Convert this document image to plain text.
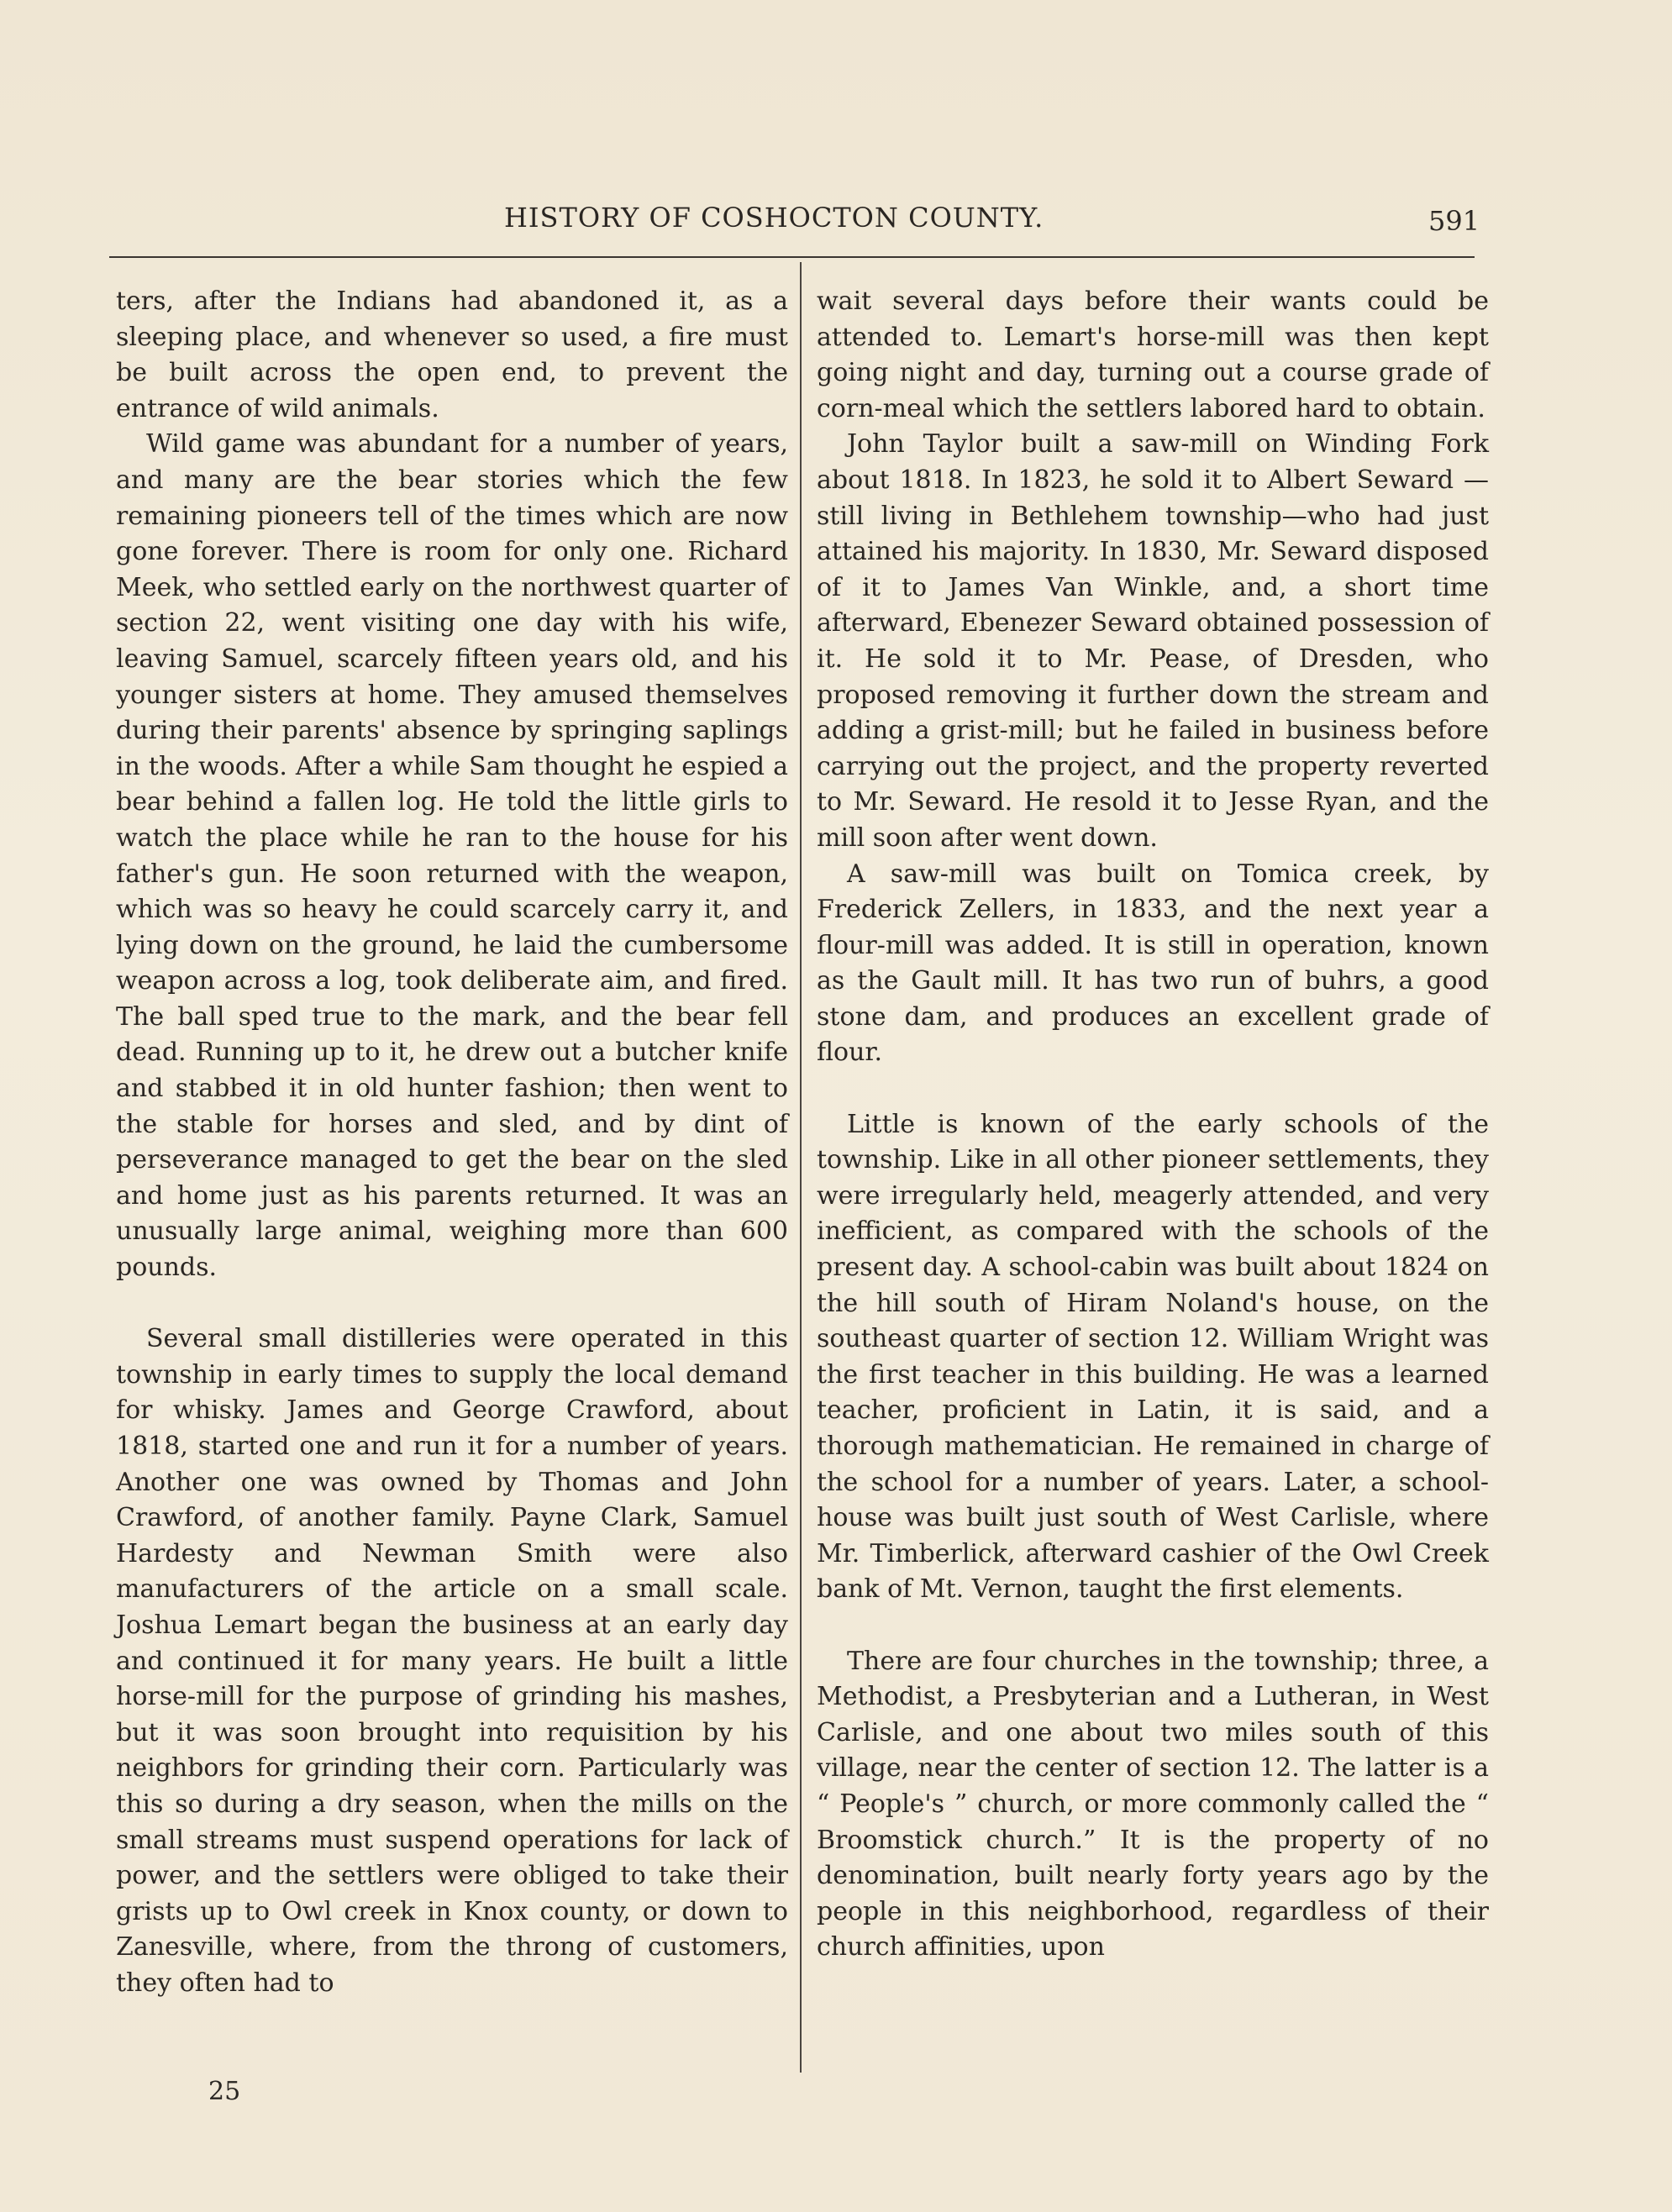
HISTORY OF COSHOCTON COUNTY.	591

ters, after the Indians had abandoned it, as a sleeping place, and whenever so used, a fire must be built across the open end, to prevent the entrance of wild animals.

Wild game was abundant for a number of years, and many are the bear stories which the few remaining pioneers tell of the times which are now gone forever. There is room for only one. Richard Meek, who settled early on the northwest quarter of section 22, went visiting one day with his wife, leaving Samuel, scarcely fifteen years old, and his younger sisters at home. They amused themselves during their parents' absence by springing saplings in the woods. After a while Sam thought he espied a bear behind a fallen log. He told the little girls to watch the place while he ran to the house for his father's gun. He soon returned with the weapon, which was so heavy he could scarcely carry it, and lying down on the ground, he laid the cumbersome weapon across a log, took deliberate aim, and fired. The ball sped true to the mark, and the bear fell dead. Running up to it, he drew out a butcher knife and stabbed it in old hunter fashion; then went to the stable for horses and sled, and by dint of perseverance managed to get the bear on the sled and home just as his parents returned. It was an unusually large animal, weighing more than 600 pounds.

Several small distilleries were operated in this township in early times to supply the local demand for whisky. James and George Crawford, about 1818, started one and run it for a number of years. Another one was owned by Thomas and John Crawford, of another family. Payne Clark, Samuel Hardesty and Newman Smith were also manufacturers of the article on a small scale. Joshua Lemart began the business at an early day and continued it for many years. He built a little horse-mill for the purpose of grinding his mashes, but it was soon brought into requisition by his neighbors for grinding their corn. Particularly was this so during a dry season, when the mills on the small streams must suspend operations for lack of power, and the settlers were obliged to take their grists up to Owl creek in Knox county, or down to Zanesville, where, from the throng of customers, they often had to

wait several days before their wants could be attended to. Lemart's horse-mill was then kept going night and day, turning out a course grade of corn-meal which the settlers labored hard to obtain.

John Taylor built a saw-mill on Winding Fork about 1818. In 1823, he sold it to Albert Seward —still living in Bethlehem township—who had just attained his majority. In 1830, Mr. Seward disposed of it to James Van Winkle, and, a short time afterward, Ebenezer Seward obtained possession of it. He sold it to Mr. Pease, of Dresden, who proposed removing it further down the stream and adding a grist-mill; but he failed in business before carrying out the project, and the property reverted to Mr. Seward. He resold it to Jesse Ryan, and the mill soon after went down.

A saw-mill was built on Tomica creek, by Frederick Zellers, in 1833, and the next year a flour-mill was added. It is still in operation, known as the Gault mill. It has two run of buhrs, a good stone dam, and produces an excellent grade of flour.

Little is known of the early schools of the township. Like in all other pioneer settlements, they were irregularly held, meagerly attended, and very inefficient, as compared with the schools of the present day. A school-cabin was built about 1824 on the hill south of Hiram Noland's house, on the southeast quarter of section 12. William Wright was the first teacher in this building. He was a learned teacher, proficient in Latin, it is said, and a thorough mathematician. He remained in charge of the school for a number of years. Later, a school-house was built just south of West Carlisle, where Mr. Timberlick, afterward cashier of the Owl Creek bank of Mt. Vernon, taught the first elements.

There are four churches in the township; three, a Methodist, a Presbyterian and a Lutheran, in West Carlisle, and one about two miles south of this village, near the center of section 12. The latter is a “ People's ” church, or more commonly called the “ Broomstick church.” It is the property of no denomination, built nearly forty years ago by the people in this neighborhood, regardless of their church affinities, upon

25
